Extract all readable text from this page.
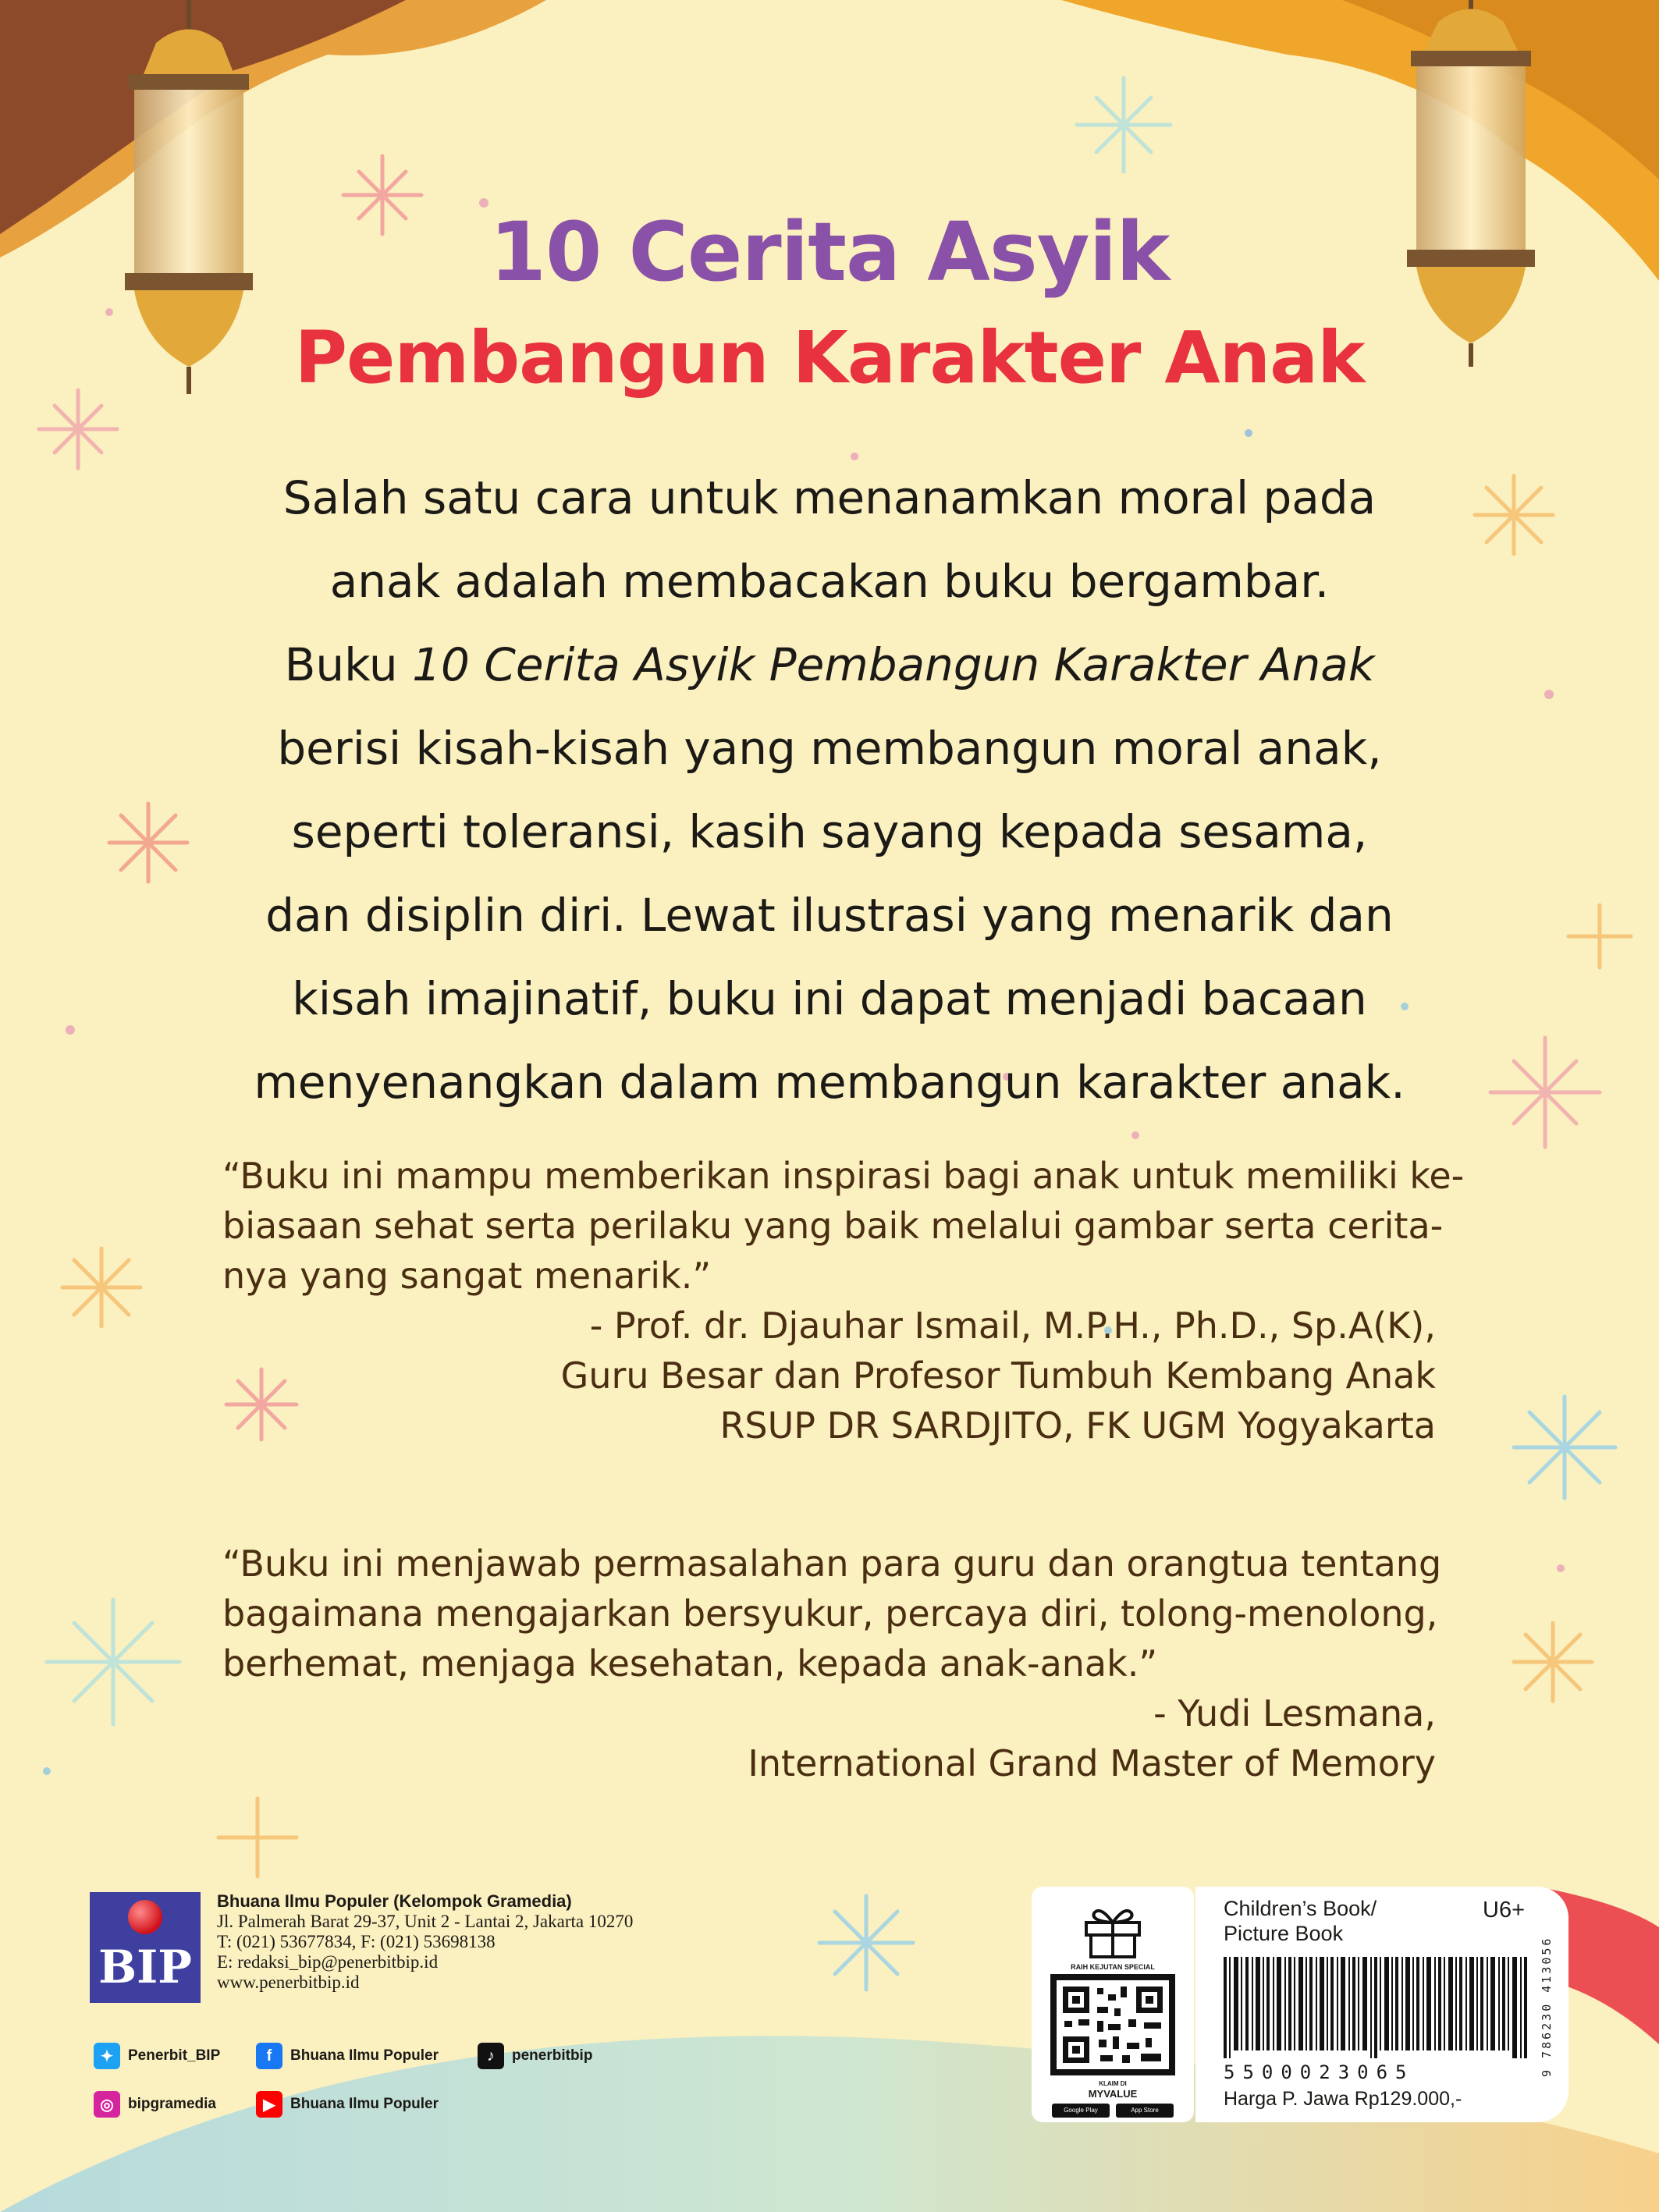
10 Cerita Asyik
Pembangun Karakter Anak
Salah satu cara untuk menanamkan moral pada
anak adalah membacakan buku bergambar.
Buku 10 Cerita Asyik Pembangun Karakter Anak
berisi kisah-kisah yang membangun moral anak,
seperti toleransi, kasih sayang kepada sesama,
dan disiplin diri. Lewat ilustrasi yang menarik dan
kisah imajinatif, buku ini dapat menjadi bacaan
menyenangkan dalam membangun karakter anak.
“Buku ini mampu memberikan inspirasi bagi anak untuk memiliki ke-
biasaan sehat serta perilaku yang baik melalui gambar serta cerita-
nya yang sangat menarik.”
- Prof. dr. Djauhar Ismail, M.P.H., Ph.D., Sp.A(K),
Guru Besar dan Profesor Tumbuh Kembang Anak
RSUP DR SARDJITO, FK UGM Yogyakarta
“Buku ini menjawab permasalahan para guru dan orangtua tentang
bagaimana mengajarkan bersyukur, percaya diri, tolong-menolong,
berhemat, menjaga kesehatan, kepada anak-anak.”
- Yudi Lesmana,
International Grand Master of Memory
BIP
Bhuana Ilmu Populer (Kelompok Gramedia)
Jl. Palmerah Barat 29-37, Unit 2 - Lantai 2, Jakarta 10270
T: (021) 53677834, F: (021) 53698138
E: redaksi_bip@penerbitbip.id
www.penerbitbip.id
✦ Penerbit_BIP	f	Bhuana Ilmu Populer	♪	penerbitbip
◎ bipgramedia	▶	Bhuana Ilmu Populer
RAIH KEJUTAN SPECIAL
KLAIM DI
MYVALUE
Google Play	App Store
Children’s Book/
Picture Book
U6+
5500023065
Harga P. Jawa Rp129.000,-
9 786230 413056
